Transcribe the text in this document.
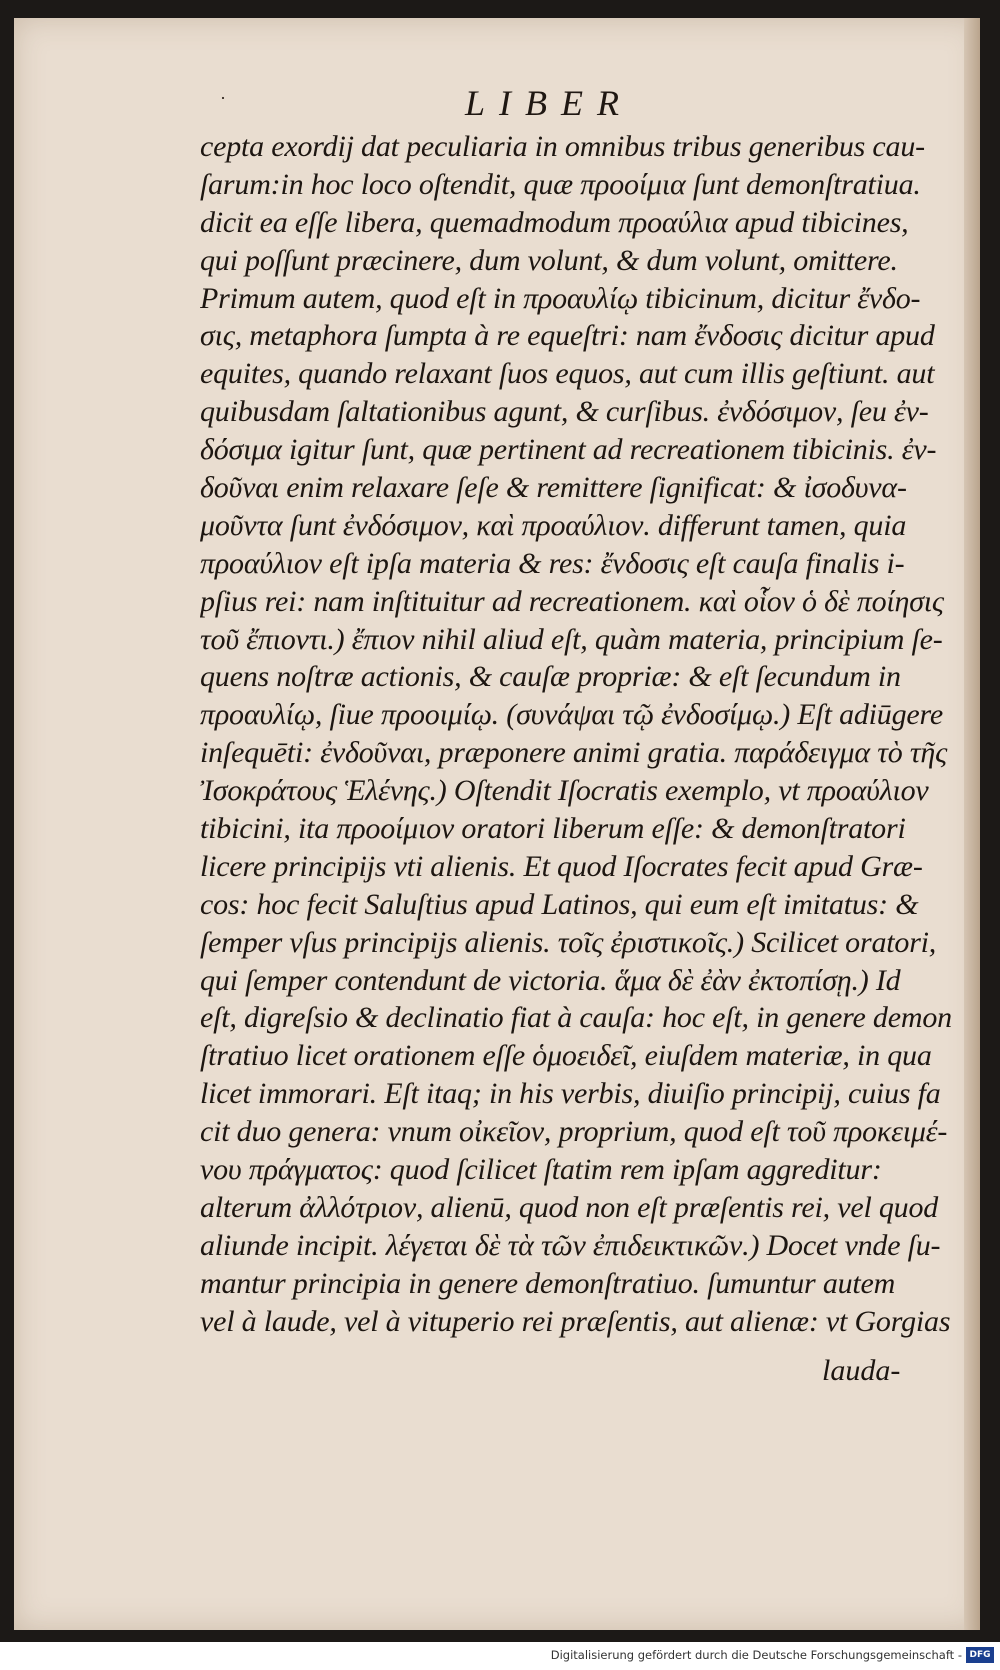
·	LIBER
cepta exordij dat peculiaria in omnibus tribus generibus cau-
ſarum:in hoc loco oſtendit, quæ προοίμια ſunt demonſtratiua.
dicit ea eſſe libera, quemadmodum προαύλια apud tibicines,
qui poſſunt præcinere, dum volunt, & dum volunt, omittere.
Primum autem, quod eſt in προαυλίῳ tibicinum, dicitur ἔνδο-
σις, metaphora ſumpta à re equeſtri: nam ἔνδοσις dicitur apud
equites, quando relaxant ſuos equos, aut cum illis geſtiunt. aut
quibusdam ſaltationibus agunt, & curſibus. ἐνδόσιμον, ſeu ἐν-
δόσιμα igitur ſunt, quæ pertinent ad recreationem tibicinis. ἐν-
δοῦναι enim relaxare ſeſe & remittere ſignificat: & ἰσοδυνα-
μοῦντα ſunt ἐνδόσιμον, καὶ προαύλιον. differunt tamen, quia
προαύλιον eſt ipſa materia & res: ἔνδοσις eſt cauſa finalis i-
pſius rei: nam inſtituitur ad recreationem. καὶ οἷον ὁ δὲ ποίησις
τοῦ ἔπιοντι.) ἔπιον nihil aliud eſt, quàm materia, principium ſe-
quens noſtræ actionis, & cauſæ propriæ: & eſt ſecundum in
προαυλίῳ, ſiue προοιμίῳ. (συνάψαι τῷ ἐνδοσίμῳ.) Eſt adiūgere
inſequēti: ἐνδοῦναι, præponere animi gratia. παράδειγμα τὸ τῆς
Ἰσοκράτους Ἑλένης.) Oſtendit Iſocratis exemplo, vt προαύλιον
tibicini, ita προοίμιον oratori liberum eſſe: & demonſtratori
licere principijs vti alienis. Et quod Iſocrates fecit apud Græ-
cos: hoc fecit Saluſtius apud Latinos, qui eum eſt imitatus: &
ſemper vſus principijs alienis. τοῖς ἐριστικοῖς.) Scilicet oratori,
qui ſemper contendunt de victoria. ἅμα δὲ ἐὰν ἐκτοπίσῃ.) Id
eſt, digreſsio & declinatio fiat à cauſa: hoc eſt, in genere demon
ſtratiuo licet orationem eſſe ὁμοειδεῖ, eiuſdem materiæ, in qua
licet immorari. Eſt itaq; in his verbis, diuiſio principij, cuius fa
cit duo genera: vnum οἰκεῖον, proprium, quod eſt τοῦ προκειμέ-
νου πράγματος: quod ſcilicet ſtatim rem ipſam aggreditur:
alterum ἀλλότριον, alienū, quod non eſt præſentis rei, vel quod
aliunde incipit. λέγεται δὲ τὰ τῶν ἐπιδεικτικῶν.) Docet vnde ſu-
mantur principia in genere demonſtratiuo. ſumuntur autem
vel à laude, vel à vituperio rei præſentis, aut alienæ: vt Gorgias
lauda-
Digitalisierung gefördert durch die Deutsche Forschungsgemeinschaft - DFG
